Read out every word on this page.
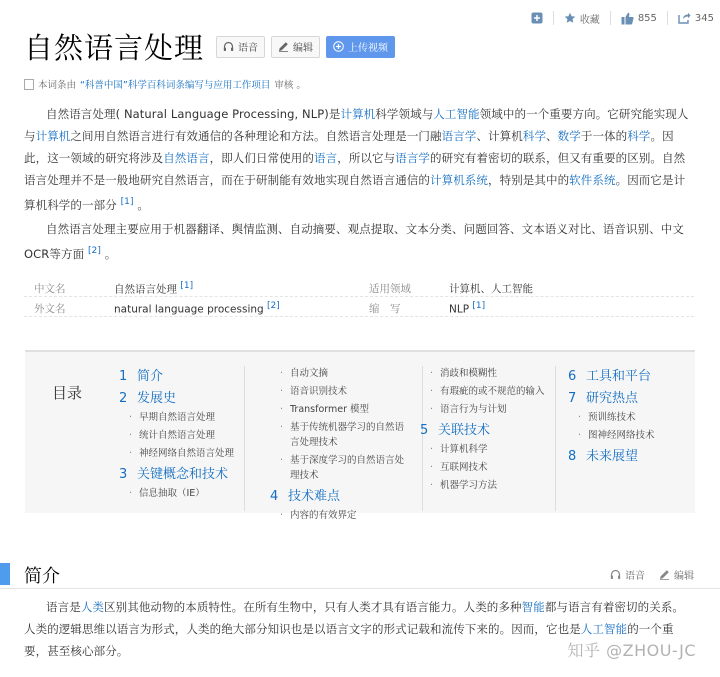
收藏	855	345
自然语言处理	语音	编辑	上传视频
本词条由 “科普中国”科学百科词条编写与应用工作项目 审核 。

自然语言处理( Natural Language Processing, NLP)是计算机科学领域与人工智能领域中的一个重要方向。它研究能实现人与计算机之间用自然语言进行有效通信的各种理论和方法。自然语言处理是一门融语言学、计算机科学、数学于一体的科学。因此，这一领域的研究将涉及自然语言，即人们日常使用的语言，所以它与语言学的研究有着密切的联系，但又有重要的区别。自然语言处理并不是一般地研究自然语言，而在于研制能有效地实现自然语言通信的计算机系统，特别是其中的软件系统。因而它是计算机科学的一部分 [1] 。

自然语言处理主要应用于机器翻译、舆情监测、自动摘要、观点提取、文本分类、问题回答、文本语义对比、语音识别、中文OCR等方面 [2] 。

中文名	自然语言处理 [1]	适用领域	计算机、人工智能
外文名	natural language processing [2]	缩　写	NLP [1]
目录
1 简介
2 发展史
· 早期自然语言处理
· 统计自然语言处理
· 神经网络自然语言处理
3 关键概念和技术
· 信息抽取（IE）
· 自动文摘
· 语音识别技术
· Transformer 模型
· 基于传统机器学习的自然语言处理技术
· 基于深度学习的自然语言处理技术
4 技术难点
· 内容的有效界定
· 消歧和模糊性
· 有瑕疵的或不规范的输入
· 语言行为与计划
5 关联技术
· 计算机科学
· 互联网技术
· 机器学习方法
6 工具和平台
7 研究热点
· 预训练技术
· 图神经网络技术
8 未来展望
简介	语音	编辑

语言是人类区别其他动物的本质特性。在所有生物中，只有人类才具有语言能力。人类的多种智能都与语言有着密切的关系。人类的逻辑思维以语言为形式，人类的绝大部分知识也是以语言文字的形式记载和流传下来的。因而，它也是人工智能的一个重要，甚至核心部分。	知乎 @ZHOU-JC
